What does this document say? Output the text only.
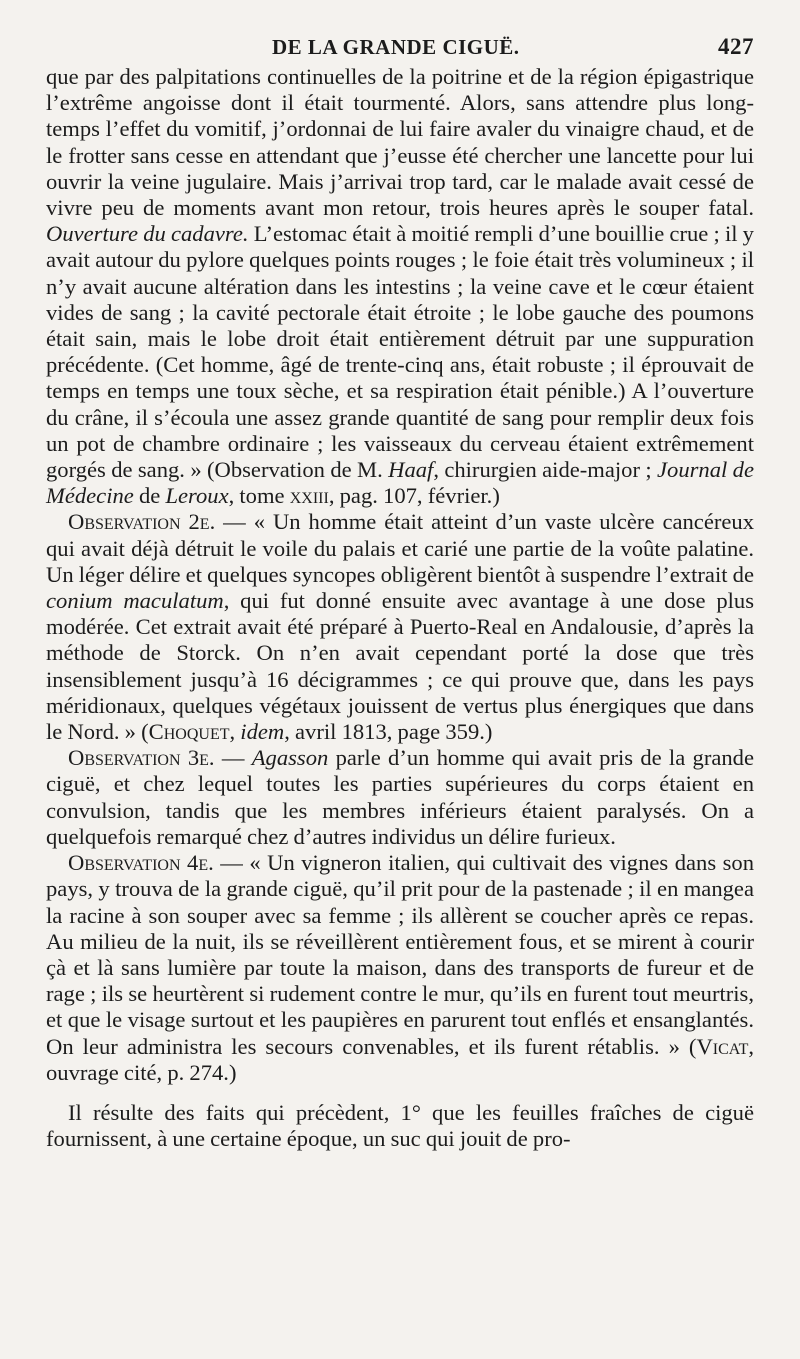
DE LA GRANDE CIGUË.	427

que par des palpitations continuelles de la poitrine et de la région épigastrique l’extrême angoisse dont il était tourmenté. Alors, sans attendre plus long-temps l’effet du vomitif, j’ordonnai de lui faire avaler du vinaigre chaud, et de le frotter sans cesse en attendant que j’eusse été chercher une lancette pour lui ouvrir la veine jugulaire. Mais j’arrivai trop tard, car le malade avait cessé de vivre peu de moments avant mon retour, trois heures après le souper fatal. Ouverture du cadavre. L’estomac était à moitié rempli d’une bouillie crue ; il y avait autour du pylore quelques points rouges ; le foie était très volumineux ; il n’y avait aucune altération dans les intestins ; la veine cave et le cœur étaient vides de sang ; la cavité pectorale était étroite ; le lobe gauche des poumons était sain, mais le lobe droit était entièrement détruit par une suppuration précédente. (Cet homme, âgé de trente-cinq ans, était robuste ; il éprouvait de temps en temps une toux sèche, et sa respiration était pénible.) A l’ouverture du crâne, il s’écoula une assez grande quantité de sang pour remplir deux fois un pot de chambre ordinaire ; les vaisseaux du cerveau étaient extrêmement gorgés de sang. » (Observation de M. Haaf, chirurgien aide-major ; Journal de Médecine de Leroux, tome xxiii, pag. 107, février.)

Observation 2e. — « Un homme était atteint d’un vaste ulcère cancéreux qui avait déjà détruit le voile du palais et carié une partie de la voûte palatine. Un léger délire et quelques syncopes obligèrent bientôt à suspendre l’extrait de conium maculatum, qui fut donné ensuite avec avantage à une dose plus modérée. Cet extrait avait été préparé à Puerto-Real en Andalousie, d’après la méthode de Storck. On n’en avait cependant porté la dose que très insensiblement jusqu’à 16 décigrammes ; ce qui prouve que, dans les pays méridionaux, quelques végétaux jouissent de vertus plus énergiques que dans le Nord. » (Choquet, idem, avril 1813, page 359.)

Observation 3e. — Agasson parle d’un homme qui avait pris de la grande ciguë, et chez lequel toutes les parties supérieures du corps étaient en convulsion, tandis que les membres inférieurs étaient paralysés. On a quelquefois remarqué chez d’autres individus un délire furieux.

Observation 4e. — « Un vigneron italien, qui cultivait des vignes dans son pays, y trouva de la grande ciguë, qu’il prit pour de la pastenade ; il en mangea la racine à son souper avec sa femme ; ils allèrent se coucher après ce repas. Au milieu de la nuit, ils se réveillèrent entièrement fous, et se mirent à courir çà et là sans lumière par toute la maison, dans des transports de fureur et de rage ; ils se heurtèrent si rudement contre le mur, qu’ils en furent tout meurtris, et que le visage surtout et les paupières en parurent tout enflés et ensanglantés. On leur administra les secours convenables, et ils furent rétablis. » (Vicat, ouvrage cité, p. 274.)

Il résulte des faits qui précèdent, 1° que les feuilles fraîches de ciguë fournissent, à une certaine époque, un suc qui jouit de pro-
